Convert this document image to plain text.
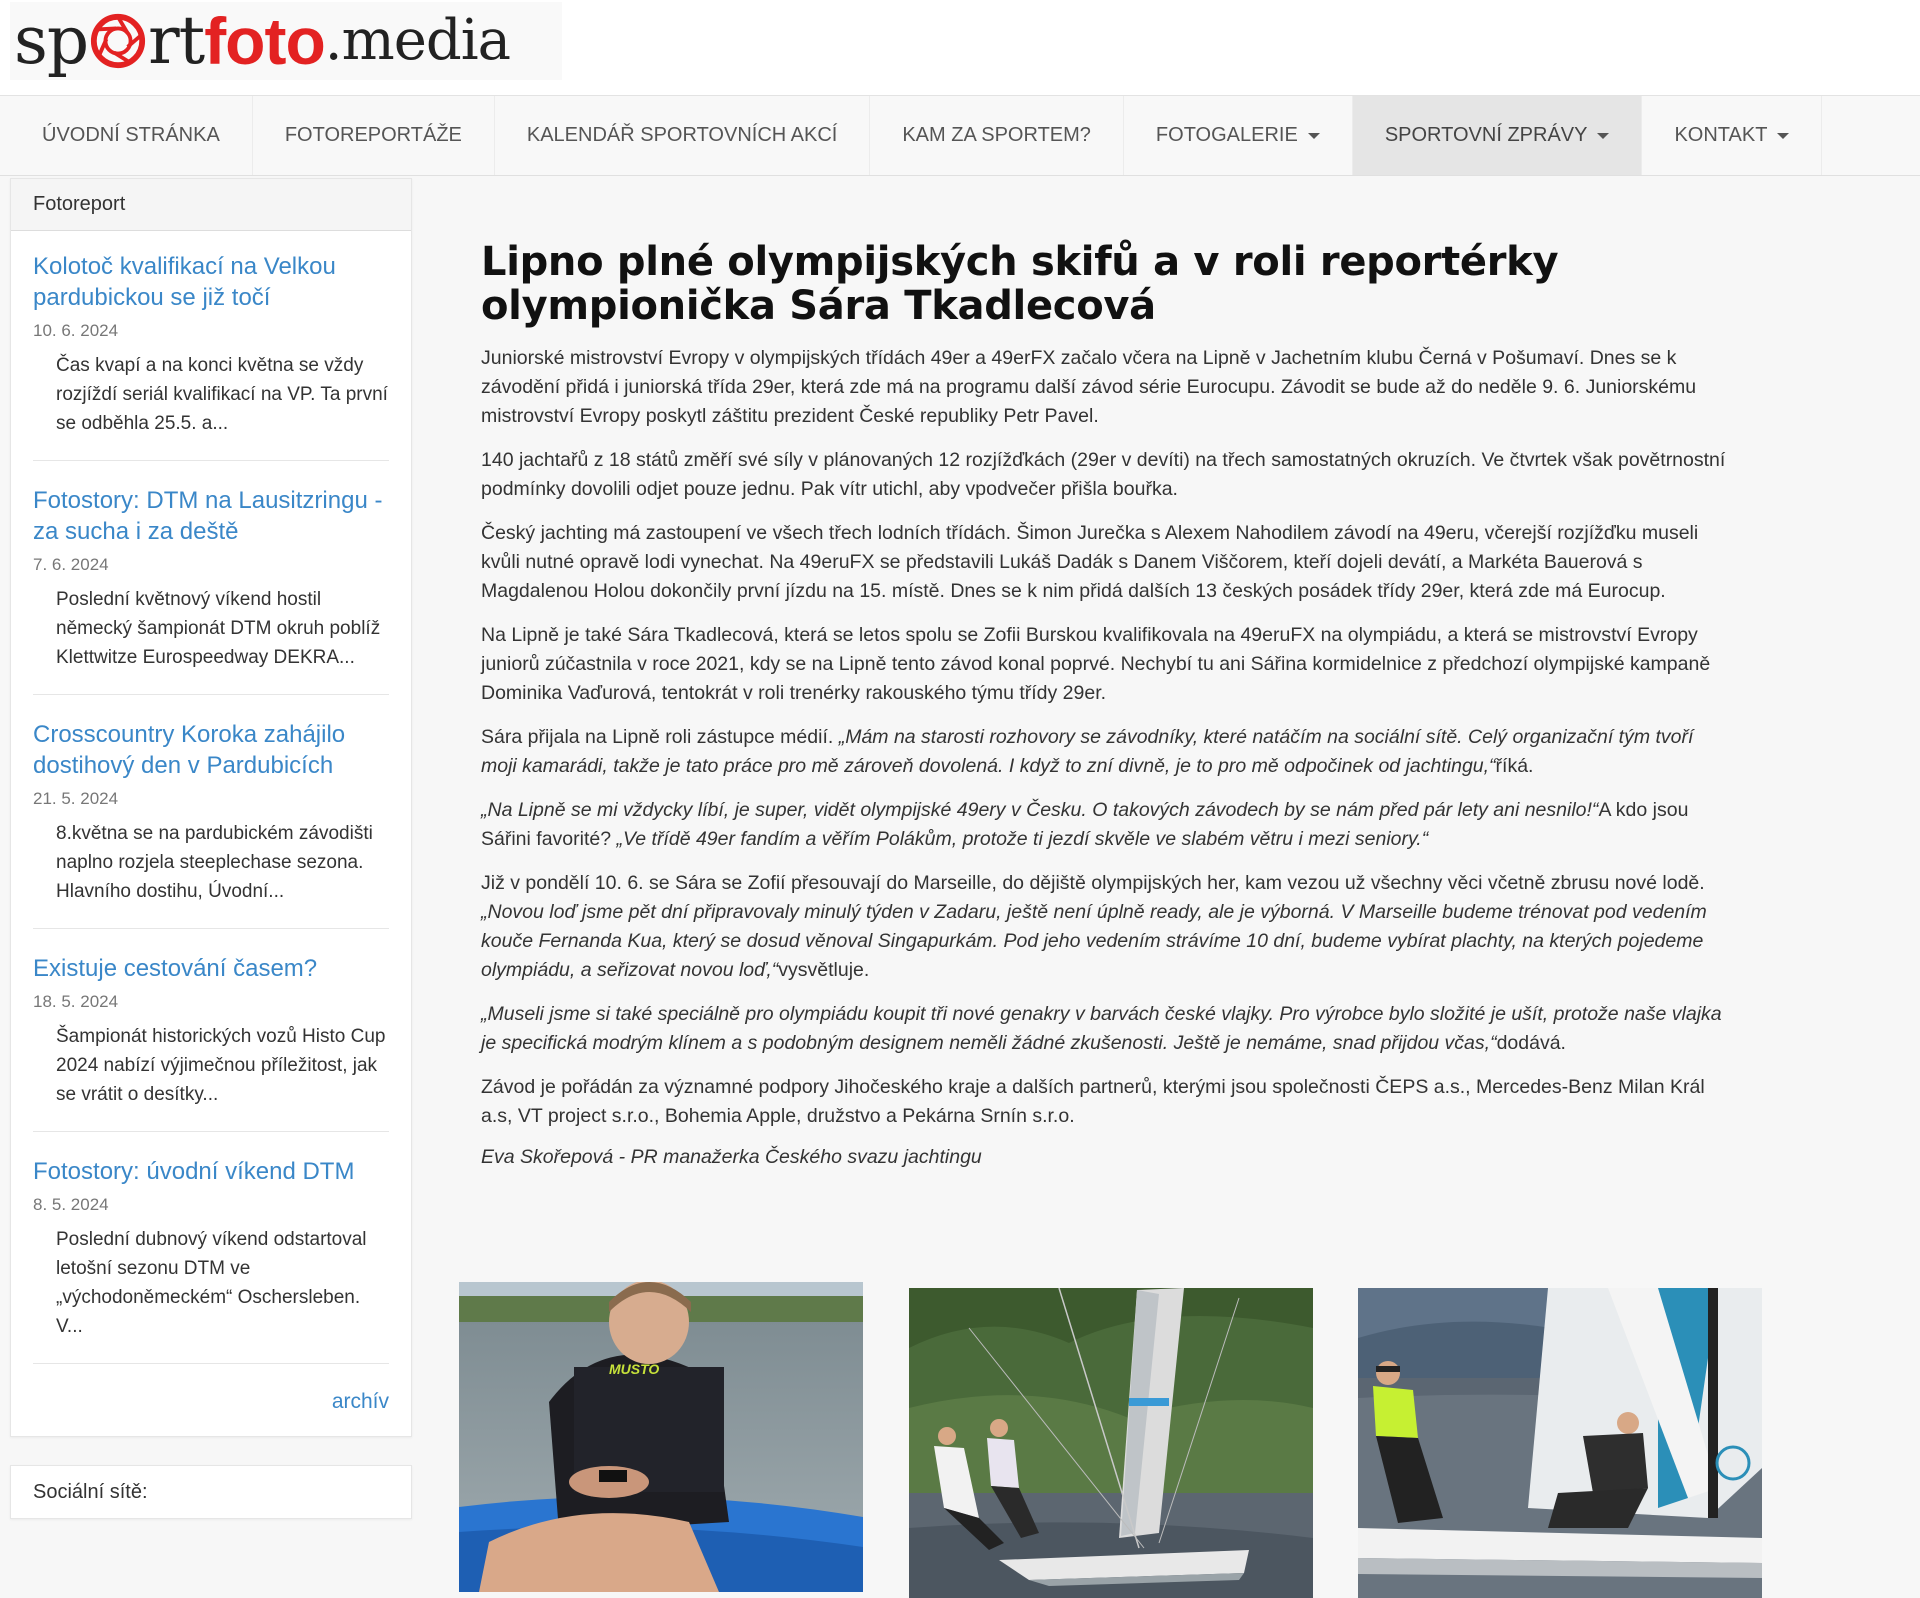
sp rt foto .media
ÚVODNÍ STRÁNKA	FOTOREPORTÁŽE	KALENDÁŘ SPORTOVNÍCH AKCÍ	KAM ZA SPORTEM?	FOTOGALERIE	SPORTOVNÍ ZPRÁVY	KONTAKT
Fotoreport
Kolotoč kvalifikací na Velkou pardubickou se již točí
10. 6. 2024
Čas kvapí a na konci května se vždy rozjíždí seriál kvalifikací na VP. Ta první se odběhla 25.5. a...
Fotostory: DTM na Lausitzringu - za sucha i za deště
7. 6. 2024
Poslední květnový víkend hostil německý šampionát DTM okruh poblíž Klettwitze Eurospeedway DEKRA...
Crosscountry Koroka zahájilo dostihový den v Pardubicích
21. 5. 2024
8.května se na pardubickém závodišti naplno rozjela steeplechase sezona. Hlavního dostihu, Úvodní...
Existuje cestování časem?
18. 5. 2024
Šampionát historických vozů Histo Cup 2024 nabízí výjimečnou příležitost, jak se vrátit o desítky...
Fotostory: úvodní víkend DTM
8. 5. 2024
Poslední dubnový víkend odstartoval letošní sezonu DTM ve „východoněmeckém“ Oschersleben. V...
archív
Sociální sítě:
Lipno plné olympijských skifů a v roli reportérky olympionička Sára Tkadlecová

Juniorské mistrovství Evropy v olympijských třídách 49er a 49erFX začalo včera na Lipně v Jachetním klubu Černá v Pošumaví. Dnes se k závodění přidá i juniorská třída 29er, která zde má na programu další závod série Eurocupu. Závodit se bude až do neděle 9. 6. Juniorskému mistrovství Evropy poskytl záštitu prezident České republiky Petr Pavel.

140 jachtařů z 18 států změří své síly v plánovaných 12 rozjížďkách (29er v devíti) na třech samostatných okruzích. Ve čtvrtek však povětrnostní podmínky dovolili odjet pouze jednu. Pak vítr utichl, aby vpodvečer přišla bouřka.

Český jachting má zastoupení ve všech třech lodních třídách. Šimon Jurečka s Alexem Nahodilem závodí na 49eru, včerejší rozjížďku museli kvůli nutné opravě lodi vynechat. Na 49eruFX se představili Lukáš Dadák s Danem Viščorem, kteří dojeli devátí, a Markéta Bauerová s Magdalenou Holou dokončily první jízdu na 15. místě. Dnes se k nim přidá dalších 13 českých posádek třídy 29er, která zde má Eurocup.

Na Lipně je také Sára Tkadlecová, která se letos spolu se Zofii Burskou kvalifikovala na 49eruFX na olympiádu, a která se mistrovství Evropy juniorů zúčastnila v roce 2021, kdy se na Lipně tento závod konal poprvé. Nechybí tu ani Sářina kormidelnice z předchozí olympijské kampaně Dominika Vaďurová, tentokrát v roli trenérky rakouského týmu třídy 29er.

Sára přijala na Lipně roli zástupce médií. „Mám na starosti rozhovory se závodníky, které natáčím na sociální sítě. Celý organizační tým tvoří moji kamarádi, takže je tato práce pro mě zároveň dovolená. I když to zní divně, je to pro mě odpočinek od jachtingu,“říká.

„Na Lipně se mi vždycky líbí, je super, vidět olympijské 49ery v Česku. O takových závodech by se nám před pár lety ani nesnilo!“A kdo jsou Sářini favorité? „Ve třídě 49er fandím a věřím Polákům, protože ti jezdí skvěle ve slabém větru i mezi seniory.“

Již v pondělí 10. 6. se Sára se Zofií přesouvají do Marseille, do dějiště olympijských her, kam vezou už všechny věci včetně zbrusu nové lodě. „Novou loď jsme pět dní připravovaly minulý týden v Zadaru, ještě není úplně ready, ale je výborná. V Marseille budeme trénovat pod vedením kouče Fernanda Kua, který se dosud věnoval Singapurkám. Pod jeho vedením strávíme 10 dní, budeme vybírat plachty, na kterých pojedeme olympiádu, a seřizovat novou loď,“vysvětluje.

„Museli jsme si také speciálně pro olympiádu koupit tři nové genakry v barvách české vlajky. Pro výrobce bylo složité je ušít, protože naše vlajka je specifická modrým klínem a s podobným designem neměli žádné zkušenosti. Ještě je nemáme, snad přijdou včas,“dodává.

Závod je pořádán za významné podpory Jihočeského kraje a dalších partnerů, kterými jsou společnosti ČEPS a.s., Mercedes-Benz Milan Král a.s, VT project s.r.o., Bohemia Apple, družstvo a Pekárna Srnín s.r.o.

Eva Skořepová - PR manažerka Českého svazu jachtingu
MUSTO
